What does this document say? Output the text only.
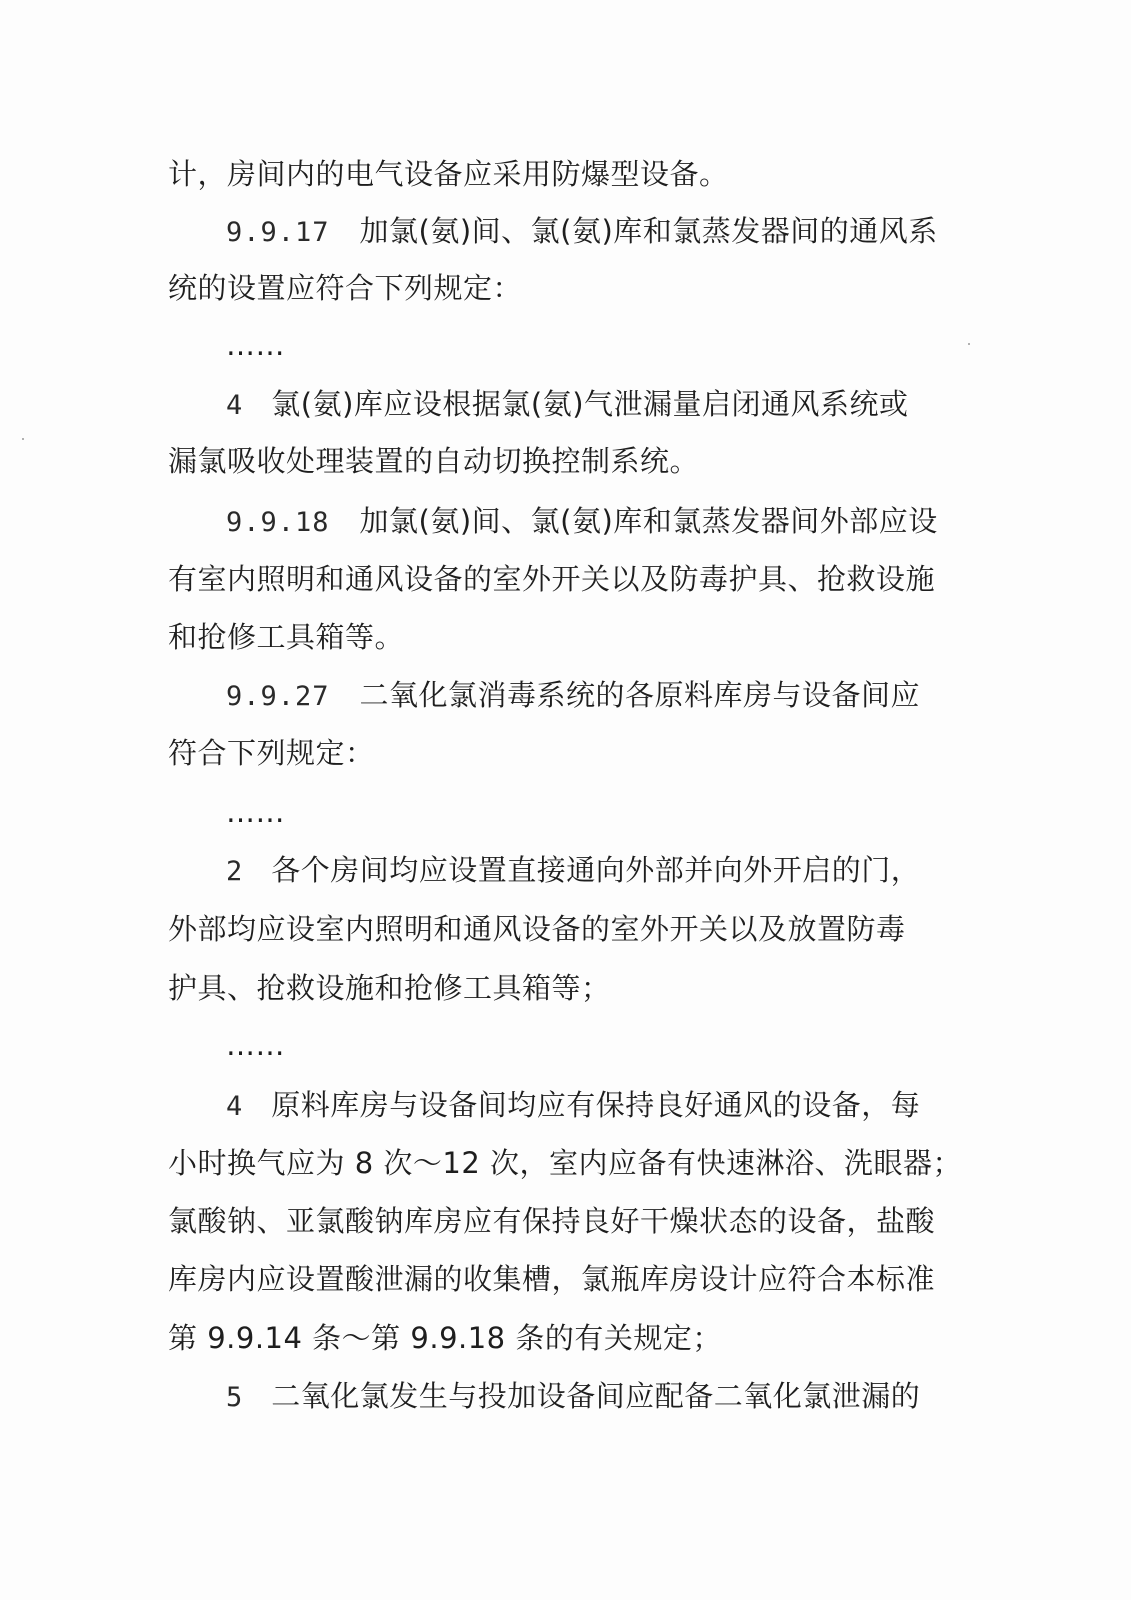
计，房间内的电气设备应采用防爆型设备。
9.9.17 加氯(氨)间、氯(氨)库和氯蒸发器间的通风系
统的设置应符合下列规定：
……
4 氯(氨)库应设根据氯(氨)气泄漏量启闭通风系统或
漏氯吸收处理装置的自动切换控制系统。
9.9.18 加氯(氨)间、氯(氨)库和氯蒸发器间外部应设
有室内照明和通风设备的室外开关以及防毒护具、抢救设施
和抢修工具箱等。
9.9.27 二氧化氯消毒系统的各原料库房与设备间应
符合下列规定：
……
2 各个房间均应设置直接通向外部并向外开启的门，
外部均应设室内照明和通风设备的室外开关以及放置防毒
护具、抢救设施和抢修工具箱等；
……
4 原料库房与设备间均应有保持良好通风的设备，每
小时换气应为 8 次～12 次，室内应备有快速淋浴、洗眼器；
氯酸钠、亚氯酸钠库房应有保持良好干燥状态的设备，盐酸
库房内应设置酸泄漏的收集槽，氯瓶库房设计应符合本标准
第 9.9.14 条～第 9.9.18 条的有关规定；
5 二氧化氯发生与投加设备间应配备二氧化氯泄漏的
